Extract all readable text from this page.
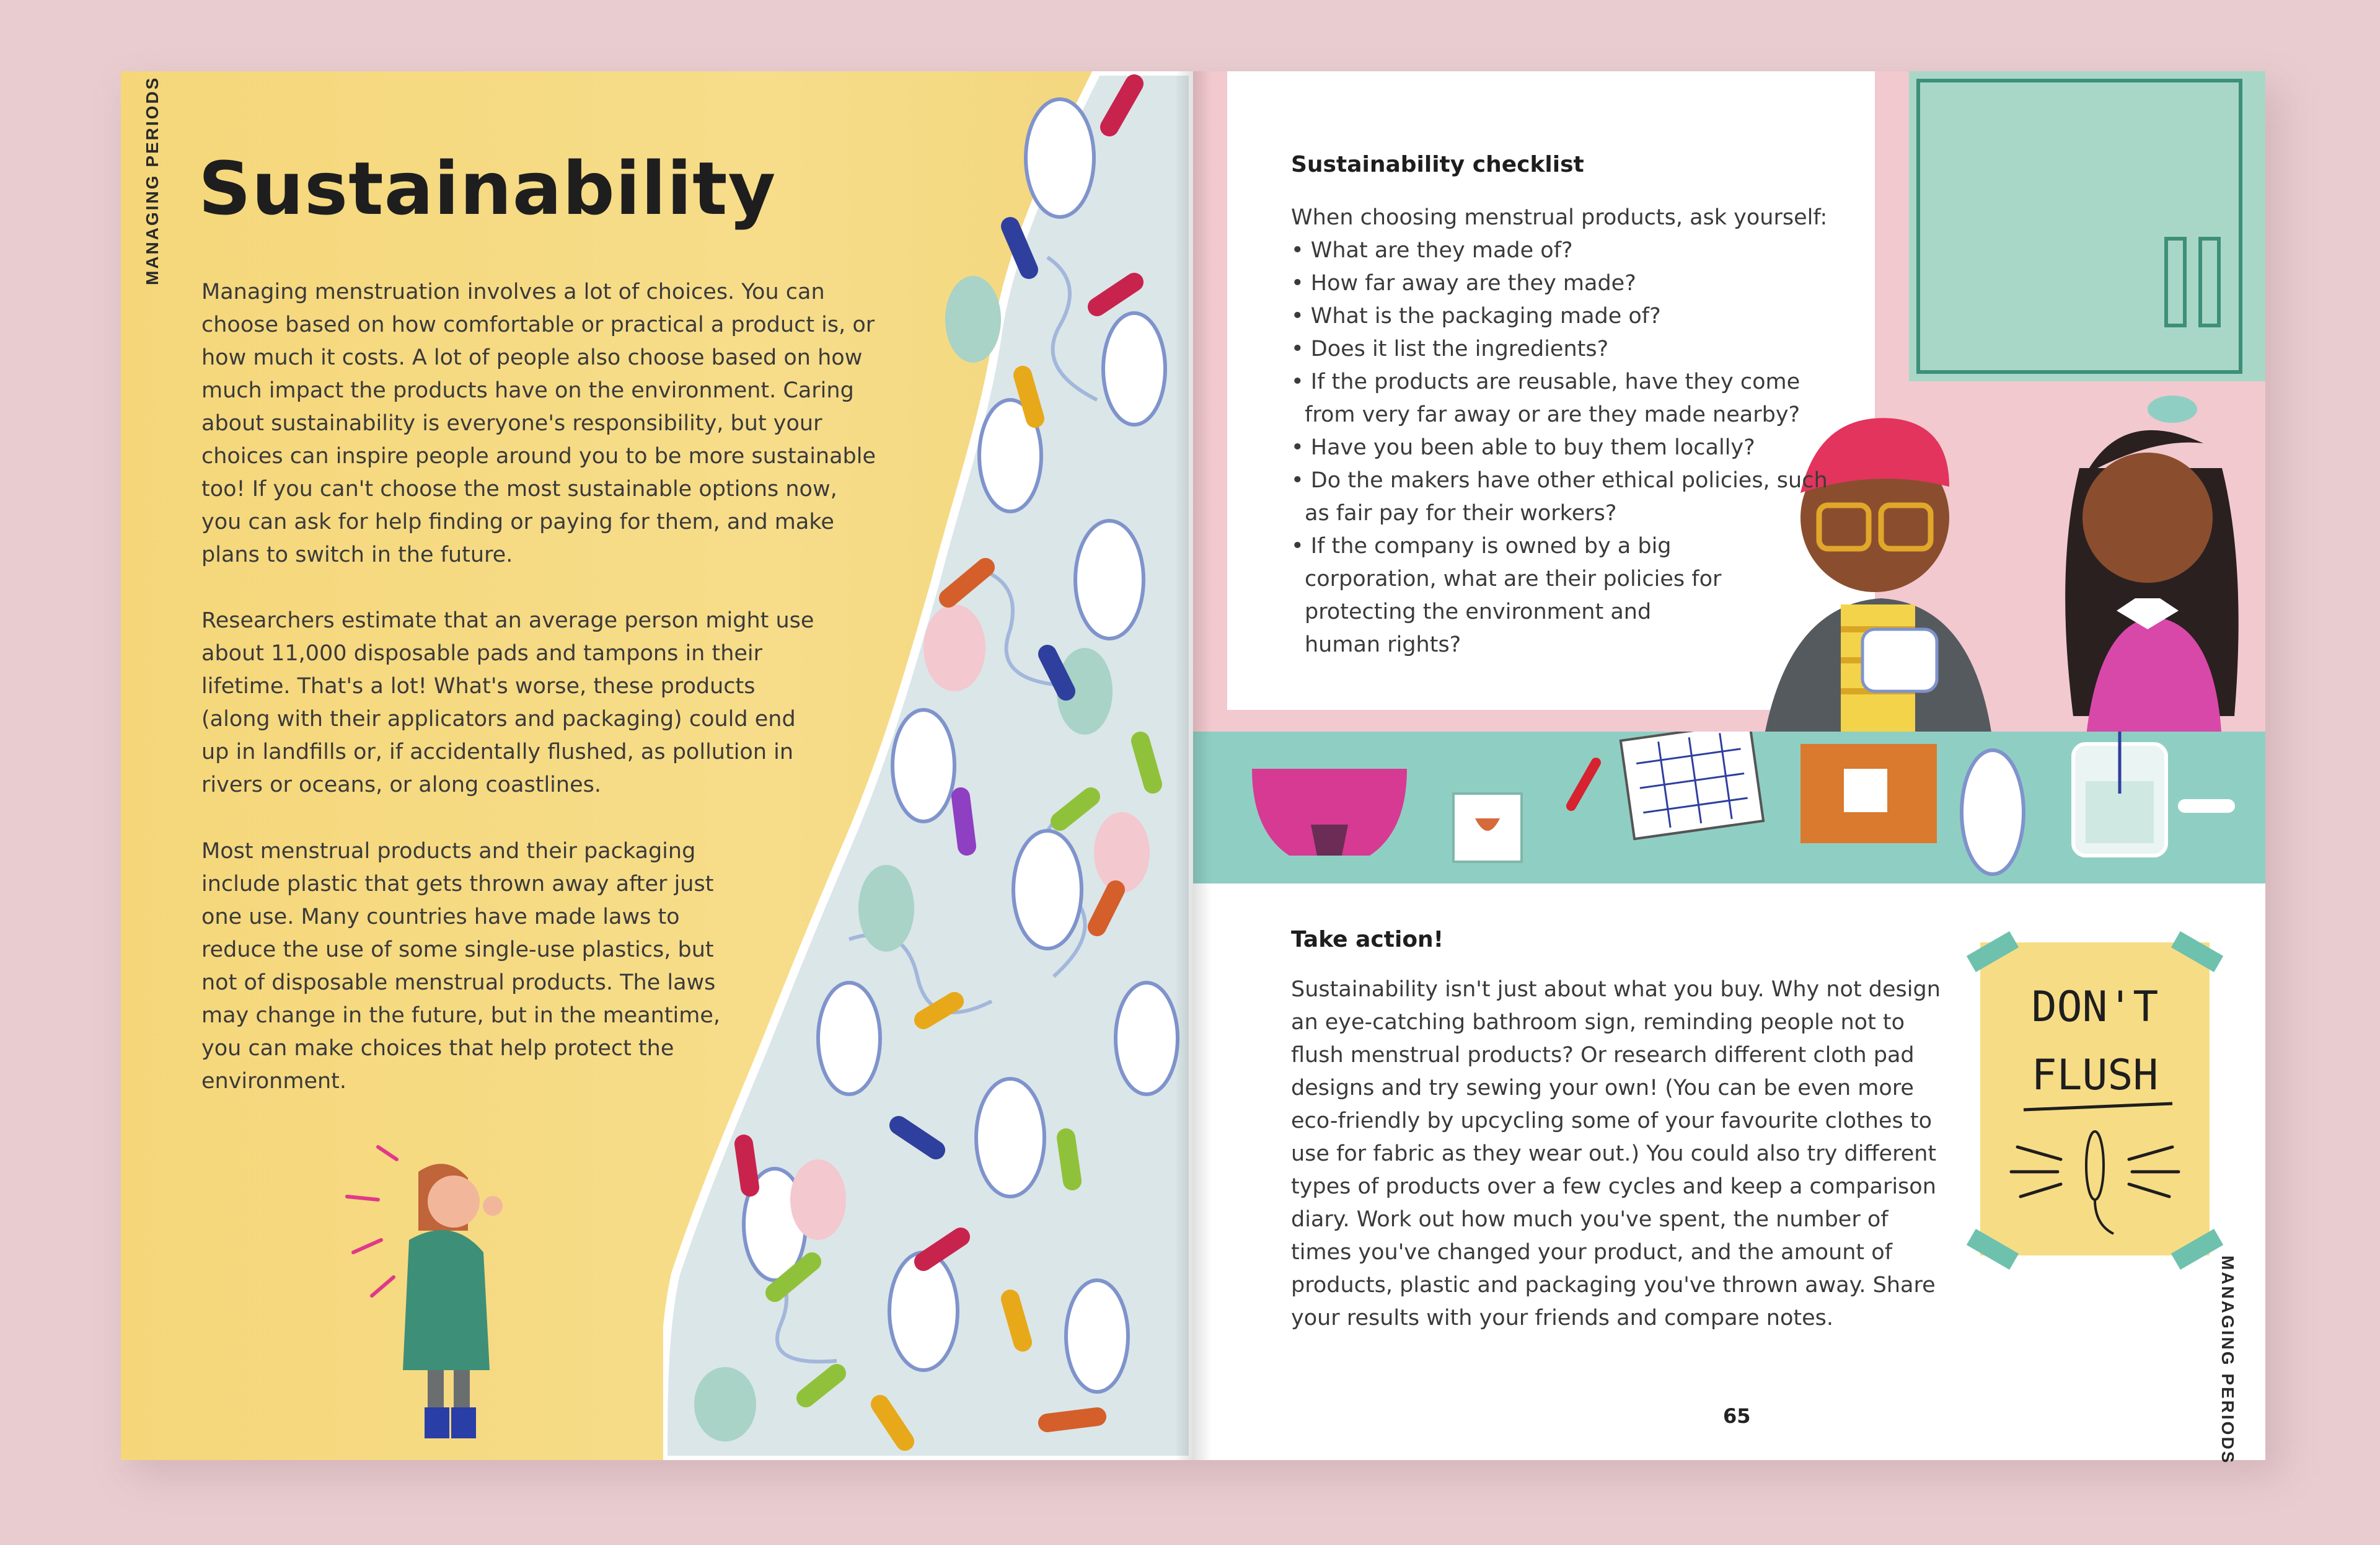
MANAGING PERIODS Sustainability
Managing menstruation involves a lot of choices. You can choose based on how comfortable or practical a product is, or how much it costs. A lot of people also choose based on how much impact the products have on the environment. Caring about sustainability is everyone's responsibility, but your choices can inspire people around you to be more sustainable too! If you can't choose the most sustainable options now, you can ask for help finding or paying for them, and make plans to switch in the future.
Researchers estimate that an average person might use about 11,000 disposable pads and tampons in their lifetime. That's a lot! What's worse, these products (along with their applicators and packaging) could end up in landfills or, if accidentally flushed, as pollution in rivers or oceans, or along coastlines.
Most menstrual products and their packaging include plastic that gets thrown away after just one use. Many countries have made laws to reduce the use of some single-use plastics, but not of disposable menstrual products. The laws may change in the future, but in the meantime, you can make choices that help protect the environment.
Sustainability checklist
When choosing menstrual products, ask yourself:
• What are they made of?
• How far away are they made?
• What is the packaging made of?
• Does it list the ingredients?
• If the products are reusable, have they come from very far away or are they made nearby?
• Have you been able to buy them locally?
• Do the makers have other ethical policies, such as fair pay for their workers?
• If the company is owned by a big corporation, what are their policies for protecting the environment and human rights?
Take action!
Sustainability isn't just about what you buy. Why not design an eye-catching bathroom sign, reminding people not to flush menstrual products? Or research different cloth pad designs and try sewing your own! (You can be even more eco-friendly by upcycling some of your favourite clothes to use for fabric as they wear out.) You could also try different types of products over a few cycles and keep a comparison diary. Work out how much you've spent, the number of times you've changed your product, and the amount of products, plastic and packaging you've thrown away. Share your results with your friends and compare notes.
DON'T
FLUSH
65	MANAGING PERIODS
